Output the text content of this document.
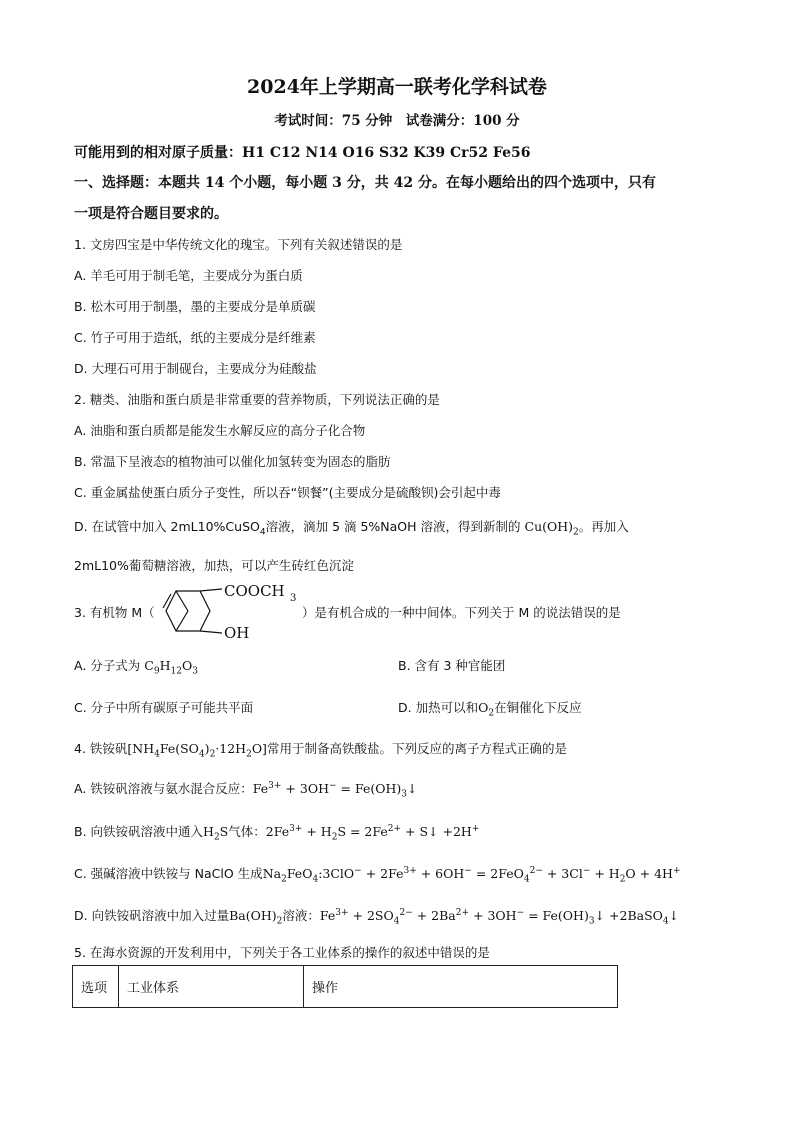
2024年上学期高一联考化学科试卷
考试时间：75 分钟　试卷满分：100 分
可能用到的相对原子质量：H1 C12 N14 O16 S32 K39 Cr52 Fe56
一、选择题：本题共 14 个小题，每小题 3 分，共 42 分。在每小题给出的四个选项中，只有
一项是符合题目要求的。
1. 文房四宝是中华传统文化的瑰宝。下列有关叙述错误的是
A. 羊毛可用于制毛笔，主要成分为蛋白质
B. 松木可用于制墨，墨的主要成分是单质碳
C. 竹子可用于造纸，纸的主要成分是纤维素
D. 大理石可用于制砚台，主要成分为硅酸盐
2. 糖类、油脂和蛋白质是非常重要的营养物质，下列说法正确的是
A. 油脂和蛋白质都是能发生水解反应的高分子化合物
B. 常温下呈液态的植物油可以催化加氢转变为固态的脂肪
C. 重金属盐使蛋白质分子变性，所以吞“钡餐”(主要成分是硫酸钡)会引起中毒
D. 在试管中加入 2mL10%CuSO$_4$溶液，滴加 5 滴 5%NaOH 溶液，得到新制的 $Cu(OH)_2$。再加入
2mL10%葡萄糖溶液，加热，可以产生砖红色沉淀
3. 有机物 M（
COOCH 3
OH
）是有机合成的一种中间体。下列关于 M 的说法错误的是
A. 分子式为 $C_9H_{12}O_3$	B. 含有 3 种官能团
C. 分子中所有碳原子可能共平面	D. 加热可以和$O_2$在铜催化下反应
4. 铁铵矾$[NH_4Fe(SO_4)_2\cdot 12H_2O]$常用于制备高铁酸盐。下列反应的离子方程式正确的是
A. 铁铵矾溶液与氨水混合反应：$Fe^{3+} + 3OH^-$ = $Fe(OH)_3↓$
B. 向铁铵矾溶液中通入$H_2S$气体：$2Fe^{3+} + H_2S = 2Fe^{2+}$ + S↓ +2H+
C. 强碱溶液中铁铵与 NaClO 生成$Na_2FeO_4:3ClO^- + 2Fe^{3+} + 6OH^- = 2FeO_4^{2-} + 3Cl^- + H_2O + 4H^+$
D. 向铁铵矾溶液中加入过量$Ba(OH)_2$溶液：$Fe^{3+} + 2SO_4^{2-} + 2Ba^{2+} + 3OH^-$ = $Fe(OH)_3↓$ +2BaSO$_4$↓
5. 在海水资源的开发利用中，下列关于各工业体系的操作的叙述中错误的是
选项	工业体系	操作
